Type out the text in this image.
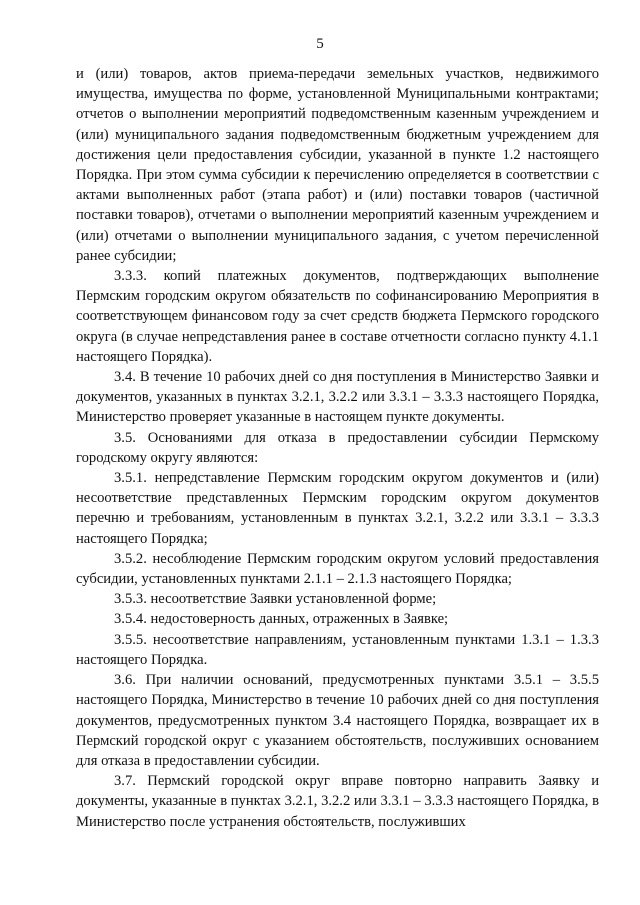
5

и (или) товаров, актов приема-передачи земельных участков, недвижимого имущества, имущества по форме, установленной Муниципальными контрактами; отчетов о выполнении мероприятий подведомственным казенным учреждением и (или) муниципального задания подведомственным бюджетным учреждением для достижения цели предоставления субсидии, указанной в пункте 1.2 настоящего Порядка. При этом сумма субсидии к перечислению определяется в соответствии с актами выполненных работ (этапа работ) и (или) поставки товаров (частичной поставки товаров), отчетами о выполнении мероприятий казенным учреждением и (или) отчетами о выполнении муниципального задания, с учетом перечисленной ранее субсидии;

3.3.3. копий платежных документов, подтверждающих выполнение Пермским городским округом обязательств по софинансированию Мероприятия в соответствующем финансовом году за счет средств бюджета Пермского городского округа (в случае непредставления ранее в составе отчетности согласно пункту 4.1.1 настоящего Порядка).

3.4. В течение 10 рабочих дней со дня поступления в Министерство Заявки и документов, указанных в пунктах 3.2.1, 3.2.2 или 3.3.1 – 3.3.3 настоящего Порядка, Министерство проверяет указанные в настоящем пункте документы.

3.5. Основаниями для отказа в предоставлении субсидии Пермскому городскому округу являются:

3.5.1. непредставление Пермским городским округом документов и (или) несоответствие представленных Пермским городским округом документов перечню и требованиям, установленным в пунктах 3.2.1, 3.2.2 или 3.3.1 – 3.3.3 настоящего Порядка;

3.5.2. несоблюдение Пермским городским округом условий предоставления субсидии, установленных пунктами 2.1.1 – 2.1.3 настоящего Порядка;

3.5.3. несоответствие Заявки установленной форме;

3.5.4. недостоверность данных, отраженных в Заявке;

3.5.5. несоответствие направлениям, установленным пунктами 1.3.1 – 1.3.3 настоящего Порядка.

3.6. При наличии оснований, предусмотренных пунктами 3.5.1 – 3.5.5 настоящего Порядка, Министерство в течение 10 рабочих дней со дня поступления документов, предусмотренных пунктом 3.4 настоящего Порядка, возвращает их в Пермский городской округ с указанием обстоятельств, послуживших основанием для отказа в предоставлении субсидии.

3.7. Пермский городской округ вправе повторно направить Заявку и документы, указанные в пунктах 3.2.1, 3.2.2 или 3.3.1 – 3.3.3 настоящего Порядка, в Министерство после устранения обстоятельств, послуживших
